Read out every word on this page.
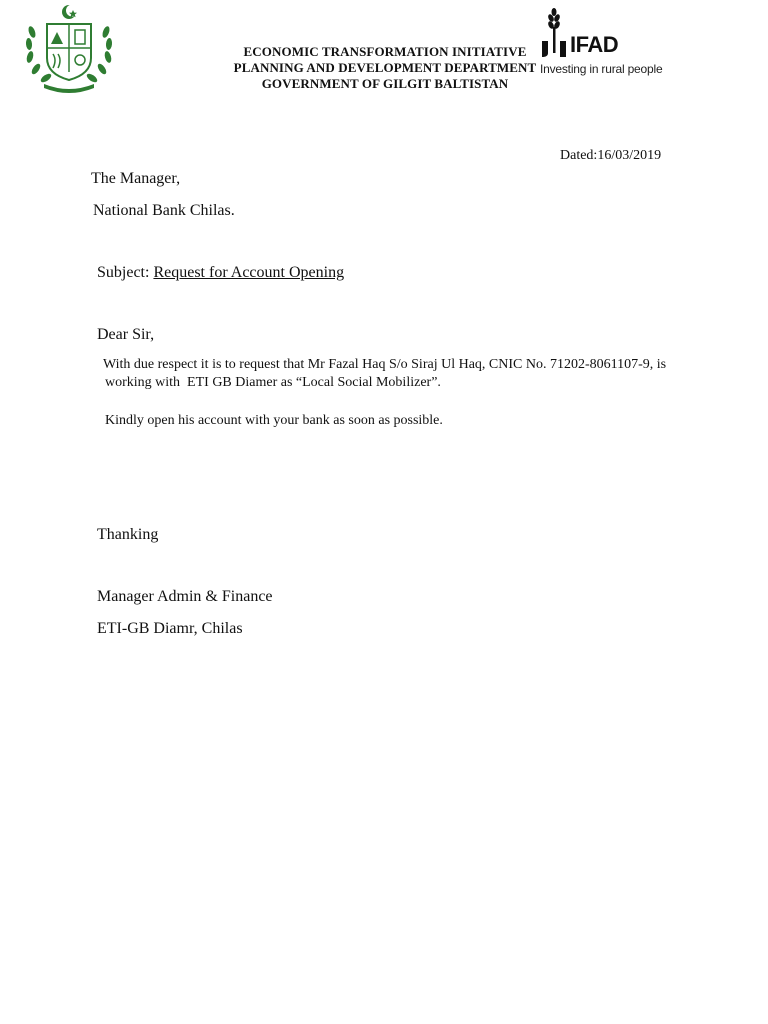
ECONOMIC TRANSFORMATION INITIATIVE
PLANNING AND DEVELOPMENT DEPARTMENT
GOVERNMENT OF GILGIT BALTISTAN
IFAD
Investing in rural people
Dated:16/03/2019
The Manager,
National Bank Chilas.
Subject: Request for Account Opening
Dear Sir,
With due respect it is to request that Mr Fazal Haq S/o Siraj Ul Haq, CNIC No. 71202-8061107-9, is
working with  ETI GB Diamer as “Local Social Mobilizer”.
Kindly open his account with your bank as soon as possible.
Thanking
Manager Admin & Finance
ETI-GB Diamr, Chilas
